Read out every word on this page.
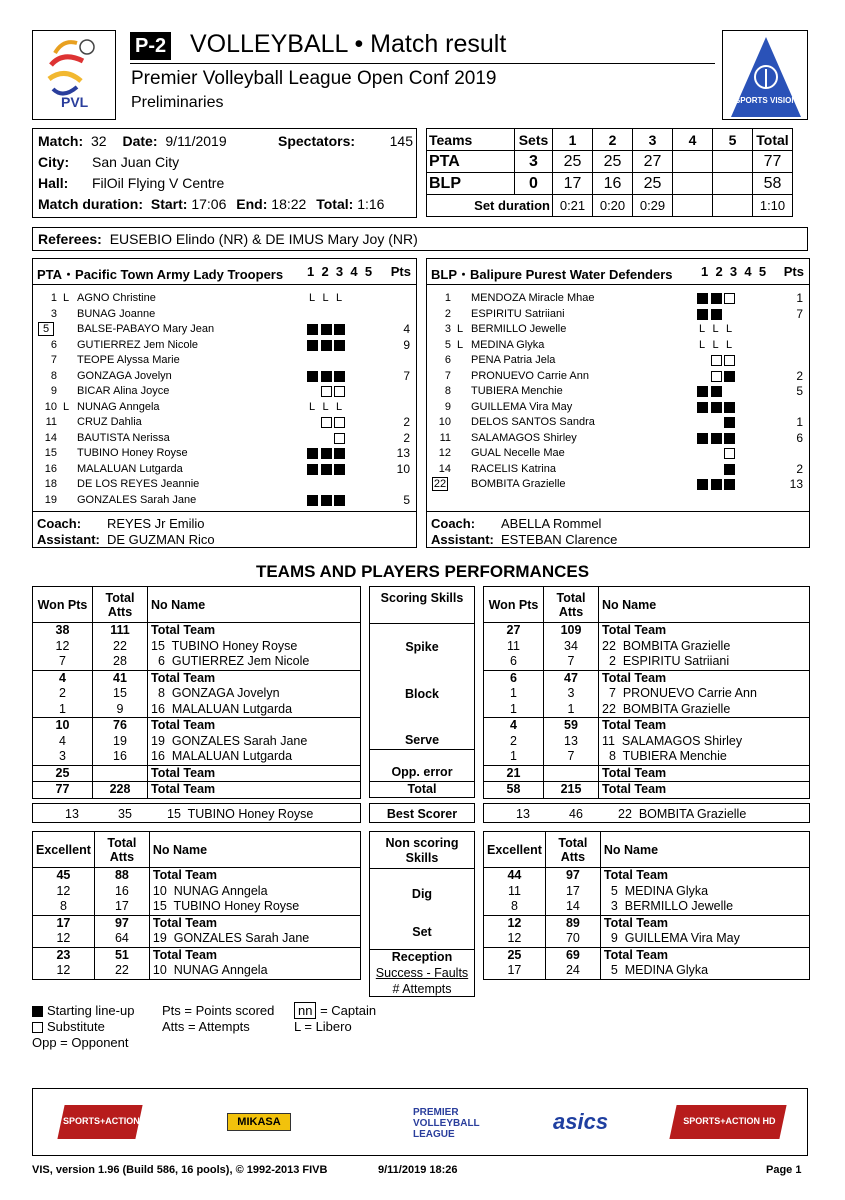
PVL
P-2 VOLLEYBALL • Match result
Premier Volleyball League Open Conf 2019
Preliminaries	SPORTS VISION
Match: 32 Date: 9/11/2019	Spectators: 145
City: San Juan City
Hall: FilOil Flying V Centre
Match duration: Start: 17:06 End: 18:22 Total: 1:16
Teams	Sets	1	2	3	4	5	Total
PTA	3	25	25	27			77
BLP	0	17	16	25			58
Set duration		0:21	0:20	0:29			1:10
Referees: EUSEBIO Elindo (NR) & DE IMUS Mary Joy (NR)
PTA・Pacific Town Army Lady Troopers 1  2  3  4  5 Pts
1 L AGNO Christine	L L L
3 BUNAG Joanne
5	BALSE-PABAYO Mary Jean	4
6 GUTIERREZ Jem Nicole	9
7 TEOPE Alyssa Marie
8 GONZAGA Jovelyn	7
9 BICAR Alina Joyce
10 L NUNAG Anngela	L L L
11 CRUZ Dahlia	2
14 BAUTISTA Nerissa	2
15 TUBINO Honey Royse	13
16 MALALUAN Lutgarda	10
18 DE LOS REYES Jeannie
19 GONZALES Sarah Jane	5
Coach: REYES Jr Emilio
Assistant: DE GUZMAN Rico
BLP・Balipure Purest Water Defenders 1  2  3  4  5 Pts
1 MENDOZA Miracle Mhae	1
2 ESPIRITU Satriiani	7
3 L BERMILLO Jewelle	L L L
5 L MEDINA Glyka	L L L
6 PENA Patria Jela
7 PRONUEVO Carrie Ann	2
8 TUBIERA Menchie	5
9 GUILLEMA Vira May
10 DELOS SANTOS Sandra	1
11 SALAMAGOS Shirley	6
12 GUAL Necelle Mae
14 RACELIS Katrina	2
22 BOMBITA Grazielle	13
Coach: ABELLA Rommel
Assistant: ESTEBAN Clarence
TEAMS AND PLAYERS PERFORMANCES
Won Pts	Total Atts	No Name
38	111	Total Team
12	22	15  TUBINO Honey Royse
7	28	6  GUTIERREZ Jem Nicole
4	41	Total Team
2	15	8  GONZAGA Jovelyn
1	9	16  MALALUAN Lutgarda
10	76	Total Team
4	19	19  GONZALES Sarah Jane
3	16	16  MALALUAN Lutgarda
25		Total Team
77	228	Total Team
Scoring Skills
Spike
Block
Serve
Opp. error
Total
Won Pts	Total Atts	No Name
27	109	Total Team
11	34	22  BOMBITA Grazielle
6	7	2  ESPIRITU Satriiani
6	47	Total Team
1	3	7  PRONUEVO Carrie Ann
1	1	22  BOMBITA Grazielle
4	59	Total Team
2	13	11  SALAMAGOS Shirley
1	7	8  TUBIERA Menchie
21		Total Team
58	215	Total Team
13	35	15  TUBINO Honey Royse	Best Scorer	13	46	22  BOMBITA Grazielle
Excellent	Total Atts	No Name
45	88	Total Team
12	16	10  NUNAG Anngela
8	17	15  TUBINO Honey Royse
17	97	Total Team
12	64	19  GONZALES Sarah Jane
23	51	Total Team
12	22	10  NUNAG Anngela
Non scoring Skills
Dig
Set
Reception
Success - Faults
# Attempts
Excellent	Total Atts	No Name
44	97	Total Team
11	17	5  MEDINA Glyka
8	14	3  BERMILLO Jewelle
12	89	Total Team
12	70	9  GUILLEMA Vira May
25	69	Total Team
17	24	5  MEDINA Glyka
Starting line-up
Substitute
Opp = Opponent
Pts = Points scored
Atts = Attempts
nn = Captain
L = Libero
SPORTS+ACTION	MIKASA
PREMIER VOLLEYBALL LEAGUE
asics	SPORTS+ACTION HD
VIS, version 1.96 (Build 586, 16 pools), © 1992-2013 FIVB	9/11/2019 18:26	Page 1
